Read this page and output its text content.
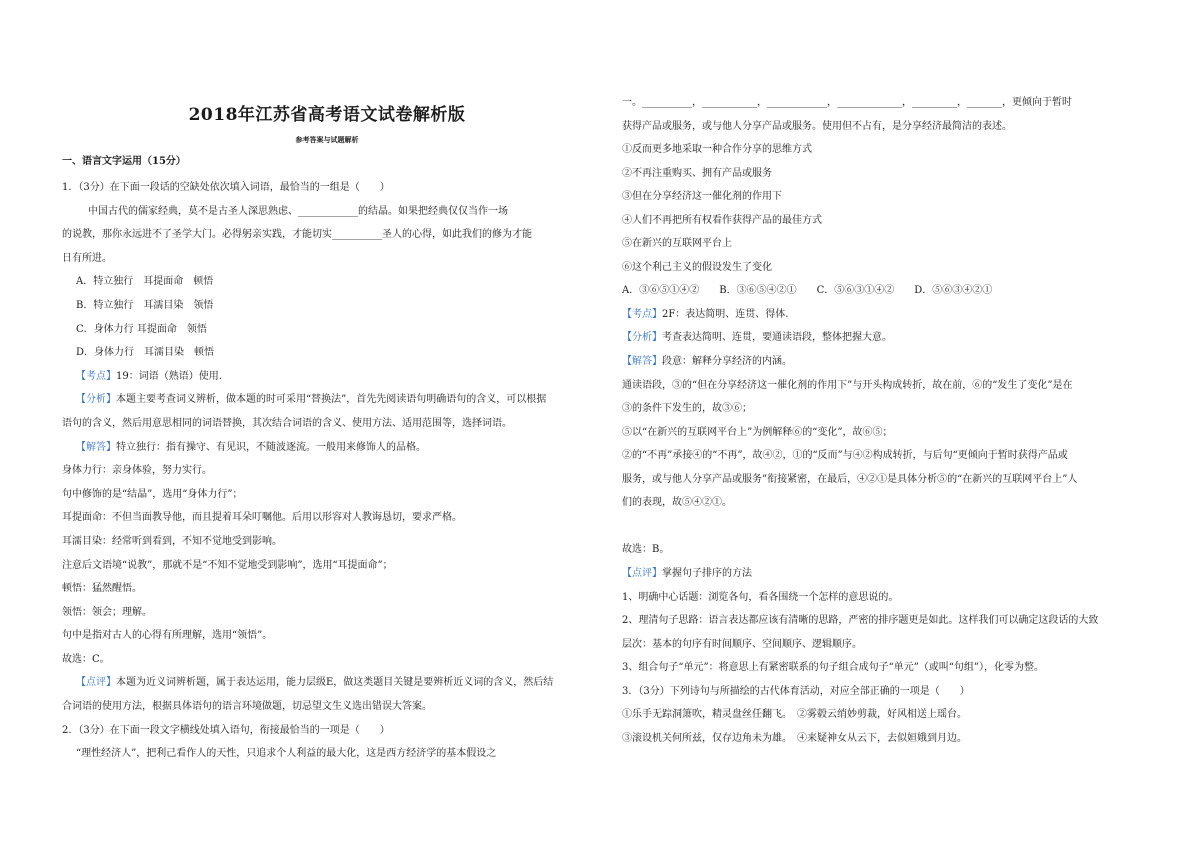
2018年江苏省高考语文试卷解析版
参考答案与试题解析
一、语言文字运用（15分）
1．（3分）在下面一段话的空缺处依次填入词语，最恰当的一组是（　　）
中国古代的儒家经典，莫不是古圣人深思熟虑、____________的结晶。如果把经典仅仅当作一场
的说教，那你永远进不了圣学大门。必得躬亲实践，才能切实__________圣人的心得，如此我们的修为才能
日有所进。
A．特立独行　耳提面命　顿悟
B．特立独行　耳濡目染　领悟
C．身体力行 耳提面命　领悟
D．身体力行　耳濡目染　顿悟
【考点】19：词语（熟语）使用.
【分析】本题主要考查词义辨析，做本题的时可采用“替换法”，首先先阅读语句明确语句的含义，可以根据
语句的含义，然后用意思相同的词语替换，其次结合词语的含义、使用方法、适用范围等，选择词语。
【解答】特立独行：指有操守、有见识，不随波逐流。一般用来修饰人的品格。
身体力行：亲身体验，努力实行。
句中修饰的是“结晶”，选用“身体力行”；
耳提面命：不但当面教导他，而且提着耳朵叮嘱他。后用以形容对人教诲恳切，要求严格。
耳濡目染：经常听到看到，不知不觉地受到影响。
注意后文语境“说教”，那就不是“不知不觉地受到影响”，选用“耳提面命”；
顿悟：猛然醒悟。
领悟：领会；理解。
句中是指对古人的心得有所理解，选用“领悟”。
故选：C。
【点评】本题为近义词辨析题，属于表达运用，能力层级E，做这类题目关键是要辨析近义词的含义，然后结
合词语的使用方法，根据具体语句的语言环境做题，切忌望文生义选出错误大答案。
2．（3分）在下面一段文字横线处填入语句，衔接最恰当的一项是（　　）
“理性经济人”，把利己看作人的天性，只追求个人利益的最大化，这是西方经济学的基本假设之
一。__________，___________，____________，_____________，_________，_______，更倾向于暂时
获得产品或服务，或与他人分享产品或服务。使用但不占有，是分享经济最简洁的表述。
①反而更多地采取一种合作分享的思维方式
②不再注重购买、拥有产品或服务
③但在分享经济这一催化剂的作用下
④人们不再把所有权看作获得产品的最佳方式
⑤在新兴的互联网平台上
⑥这个利己主义的假设发生了变化
A．③⑥⑤①④②　　B．③⑥⑤④②①　　C．⑤⑥③①④②　　D．⑤⑥③④②①
【考点】2F：表达简明、连贯、得体.
【分析】考查表达简明、连贯，要通读语段，整体把握大意。
【解答】段意：解释分享经济的内涵。
通读语段，③的“但在分享经济这一催化剂的作用下”与开头构成转折，故在前，⑥的“发生了变化”是在
③的条件下发生的，故③⑥；
⑤以“在新兴的互联网平台上”为例解释⑥的“变化”，故⑥⑤；
②的“不再”承接④的“不再”，故④②，①的“反而”与④②构成转折，与后句“更倾向于暂时获得产品或
服务，或与他人分享产品或服务”衔接紧密，在最后，④②①是具体分析⑤的“在新兴的互联网平台上”人
们的表现，故⑤④②①。
故选：B。
【点评】掌握句子排序的方法
1、明确中心话题：浏览各句，看各围绕一个怎样的意思说的。
2、理清句子思路：语言表达都应该有清晰的思路，严密的排序题更是如此。这样我们可以确定这段话的大致
层次：基本的句序有时间顺序、空间顺序、逻辑顺序。
3、组合句子“单元”：将意思上有紧密联系的句子组合成句子“单元”（或叫“句组”），化零为整。
3．（3分）下列诗句与所描绘的古代体育活动，对应全部正确的一项是（　　）
①乐手无踪洞箫吹，精灵盘丝任翻飞。　②雾毂云绡妙剪裁，好风相送上瑶台。
③滚设机关何所兹，仅存边角未为雄。　④来疑神女从云下，去似姮娥到月边。
